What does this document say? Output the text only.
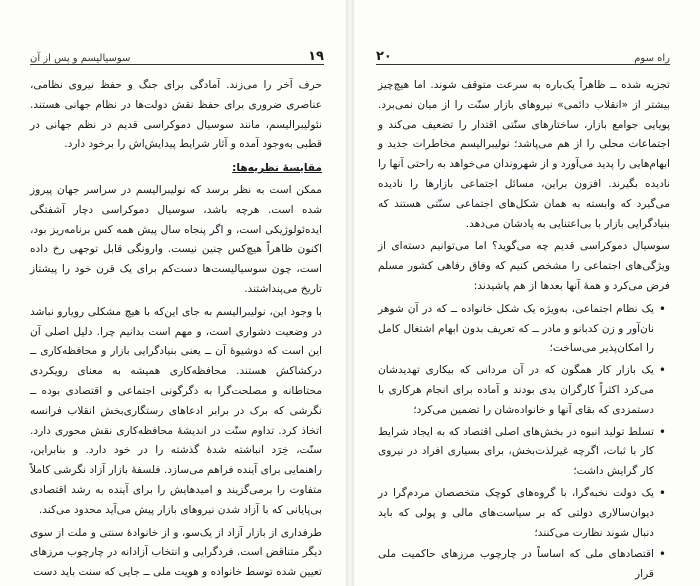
سوسیالیسم و پس از آن	۱۹

حرف آخر را می‌زند. آمادگی برای جنگ و حفظ نیروی نظامی، عناصری ضروری برای حفظ نقش دولت‌ها در نظام جهانی هستند. نئولیبرالیسم، مانند سوسیال دموکراسی قدیم در نظم جهانی در قطبی به‌وجود آمده و آثار شرایط پیدایش‌اش را برخود دارد.

مقایسهٔ نظریه‌ها:

ممکن است به نظر برسد که نولیبرالیسم در سراسر جهان پیروز شده است. هرچه باشد، سوسیال دموکراسی دچار آشفتگی ایده‌ئولوژیکی است، و اگر پنجاه سال پیش همه کس برنامه‌ریز بود، اکنون ظاهراً هیچ‌کس چنین نیست. وارونگی قابل توجهی رخ داده است، چون سوسیالیست‌ها دست‌کم برای یک قرن خود را پیشتاز تاریخ می‌پنداشتند.

با وجود این، نولیبرالیسم به جای این‌که با هیچ مشکلی رویارو نباشد در وضعیت دشواری است، و مهم است بدانیم چرا. دلیل اصلی آن این است که دوشیوهٔ آن ــ یعنی بنیادگرایی بازار و محافظه‌کاری ــ درکشاکش هستند. محافظه‌کاری همیشه به معنای رویکردی محتاطانه و مصلحت‌گرا به دگرگونی اجتماعی و اقتصادی بوده ــ نگرشی که برک در برابر ادعاهای رستگاری‌بخش انقلاب فرانسه اتخاذ کرد. تداوم سنّت در اندیشهٔ محافظه‌کاری نقش محوری دارد. سنّت، خِرَد انباشته شدهٔ گذشته را در خود دارد. و بنابراین، راهنمایی برای آینده فراهم می‌سازد. فلسفهٔ بازار آزاد نگرشی کاملاً متفاوت را برمی‌گزیند و امیدهایش را برای آینده به رشد اقتصادی بی‌پایانی که با آزاد شدن نیروهای بازار پیش می‌آید محدود می‌کند.

طرفداری از بازار آزاد از یک‌سو، و از خانوادهٔ سنتی و ملت از سوی دیگر متناقض است. فردگرایی و انتخاب آزادانه در چارچوب مرزهای تعیین شده توسط خانواده و هویت ملی ــ جایی که سنت باید دست

۲۰	راه سوم

تجزیه شده ــ ظاهراً یک‌باره به سرعت متوقف شوند. اما هیچ‌چیز بیشتر از «انقلاب دائمی» نیروهای بازار سنّت را از میان نمی‌برد. پویایی جوامع بازار، ساختارهای سنّتی اقتدار را تضعیف می‌کند و اجتماعات محلی را از هم می‌پاشد؛ نولیبرالیسم مخاطرات جدید و ابهام‌هایی را پدید می‌آورد و از شهروندان می‌خواهد به راحتی آنها را نادیده بگیرند. افزون براین، مسائل اجتماعی بازارها را نادیده می‌گیرد که وابسته به همان شکل‌های اجتماعی سنّتی هستند که بنیادگرایی بازار با بی‌اعتنایی به پادشان می‌دهد.

سوسیال دموکراسی قدیم چه می‌گوید؟ اما می‌توانیم دسته‌ای از ویژگی‌های اجتماعی را مشخص کنیم که وفاق رفاهی کشور مسلم فرض می‌کرد و همهٔ آنها بعدها از هم پاشیدند:

•
یک نظام اجتماعی، به‌ویژه یک شکل خانواده ــ که در آن شوهر نان‌آور و زن کدبانو و مادر ــ که تعریف بدون ابهام اشتغال کامل را امکان‌پذیر می‌ساخت؛
•
یک بازار کار همگون که در آن مردانی که بیکاری تهدیدشان می‌کرد اکثراً کارگران یدی بودند و آماده برای انجام هرکاری با دستمزدی که بقای آنها و خانواده‌شان را تضمین می‌کرد؛
•
تسلط تولید انبوه در بخش‌های اصلی اقتصاد که به ایجاد شرایط کار با ثبات، اگرچه غیرلذت‌بخش، برای بسیاری افراد در نیروی کار گرایش داشت؛
•
یک دولت نخبه‌گرا، با گروه‌های کوچک متخصصان مردم‌گرا در دیوان‌سالاری دولتی که بر سیاست‌های مالی و پولی که باید دنبال شوند نظارت می‌کنند؛
•
اقتصادهای ملی که اساساً در چارچوب مرزهای حاکمیت ملی قرار
